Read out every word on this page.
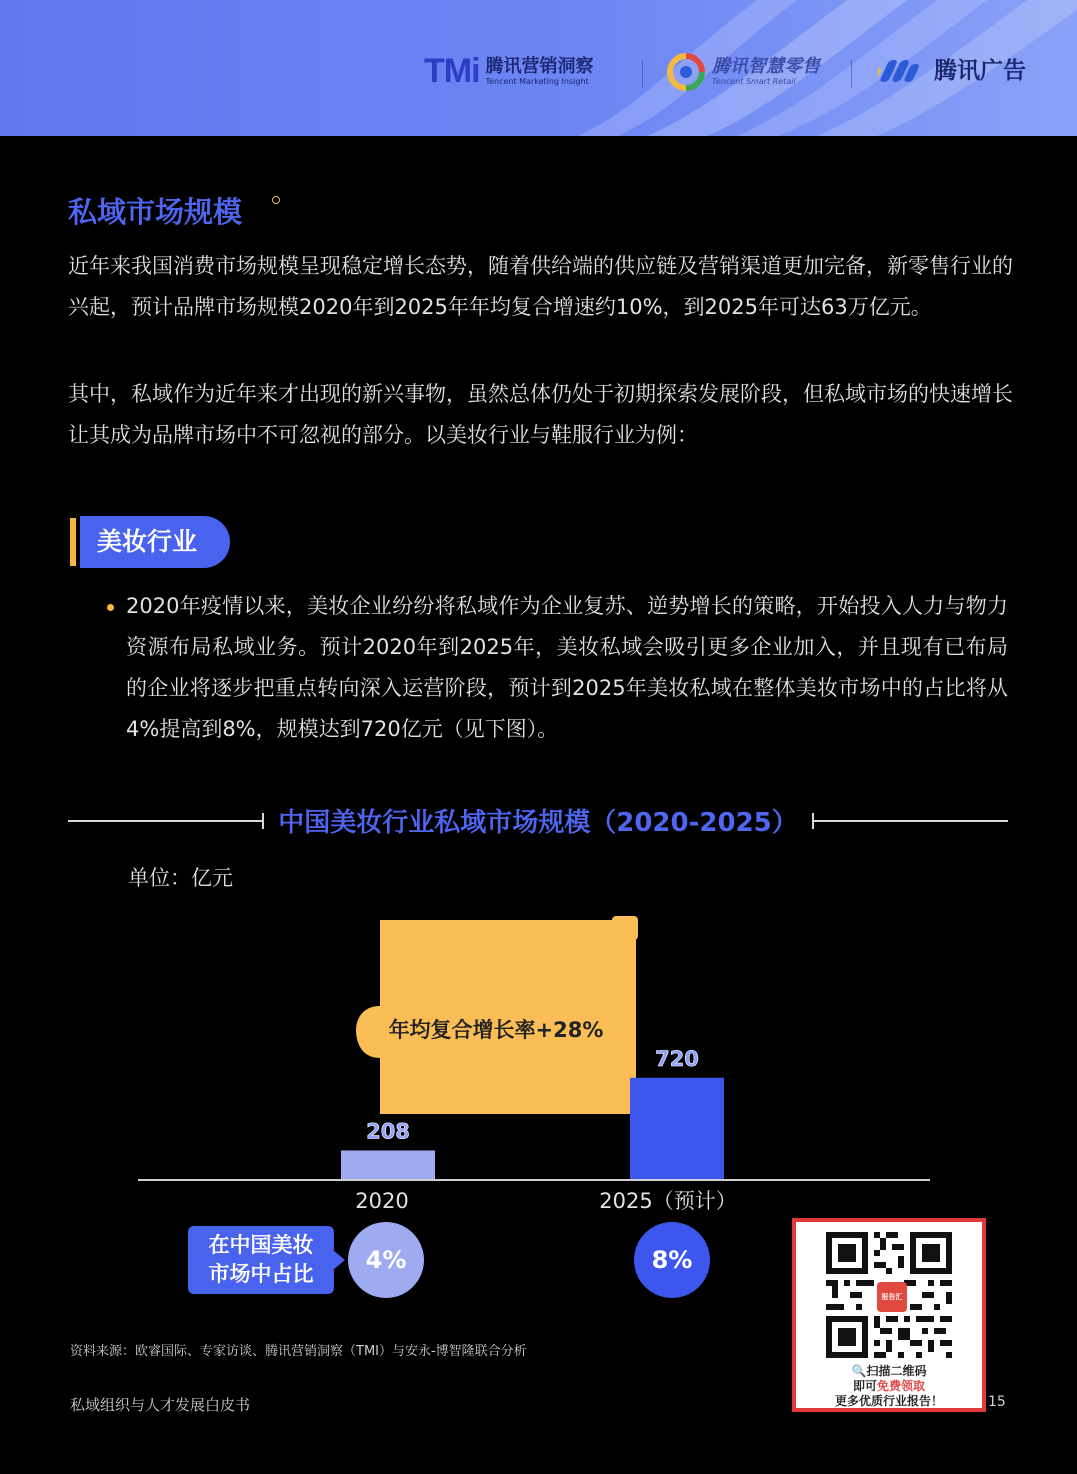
TMi 腾讯营销洞察
Tencent Marketing Insight
腾讯智慧零售
Tencent Smart Retail	腾讯广告
私域市场规模
近年来我国消费市场规模呈现稳定增长态势，随着供给端的供应链及营销渠道更加完备，新零售行业的兴起，预计品牌市场规模2020年到2025年年均复合增速约10%，到2025年可达63万亿元。
其中，私域作为近年来才出现的新兴事物，虽然总体仍处于初期探索发展阶段，但私域市场的快速增长让其成为品牌市场中不可忽视的部分。以美妆行业与鞋服行业为例：
美妆行业
2020年疫情以来，美妆企业纷纷将私域作为企业复苏、逆势增长的策略，开始投入人力与物力资源布局私域业务。预计2020年到2025年，美妆私域会吸引更多企业加入，并且现有已布局的企业将逐步把重点转向深入运营阶段，预计到2025年美妆私域在整体美妆市场中的占比将从4%提高到8%，规模达到720亿元（见下图）。
中国美妆行业私域市场规模（2020-2025）
单位：亿元
年均复合增长率+28%
208
720
2020	2025（预计）
在中国美妆市场中占比	4%	8%
资料来源：欧睿国际、专家访谈、腾讯营销洞察（TMI）与安永-博智隆联合分析
私域组织与人才发展白皮书	15
报告汇
🔍扫描二维码
即可免费领取
更多优质行业报告！
